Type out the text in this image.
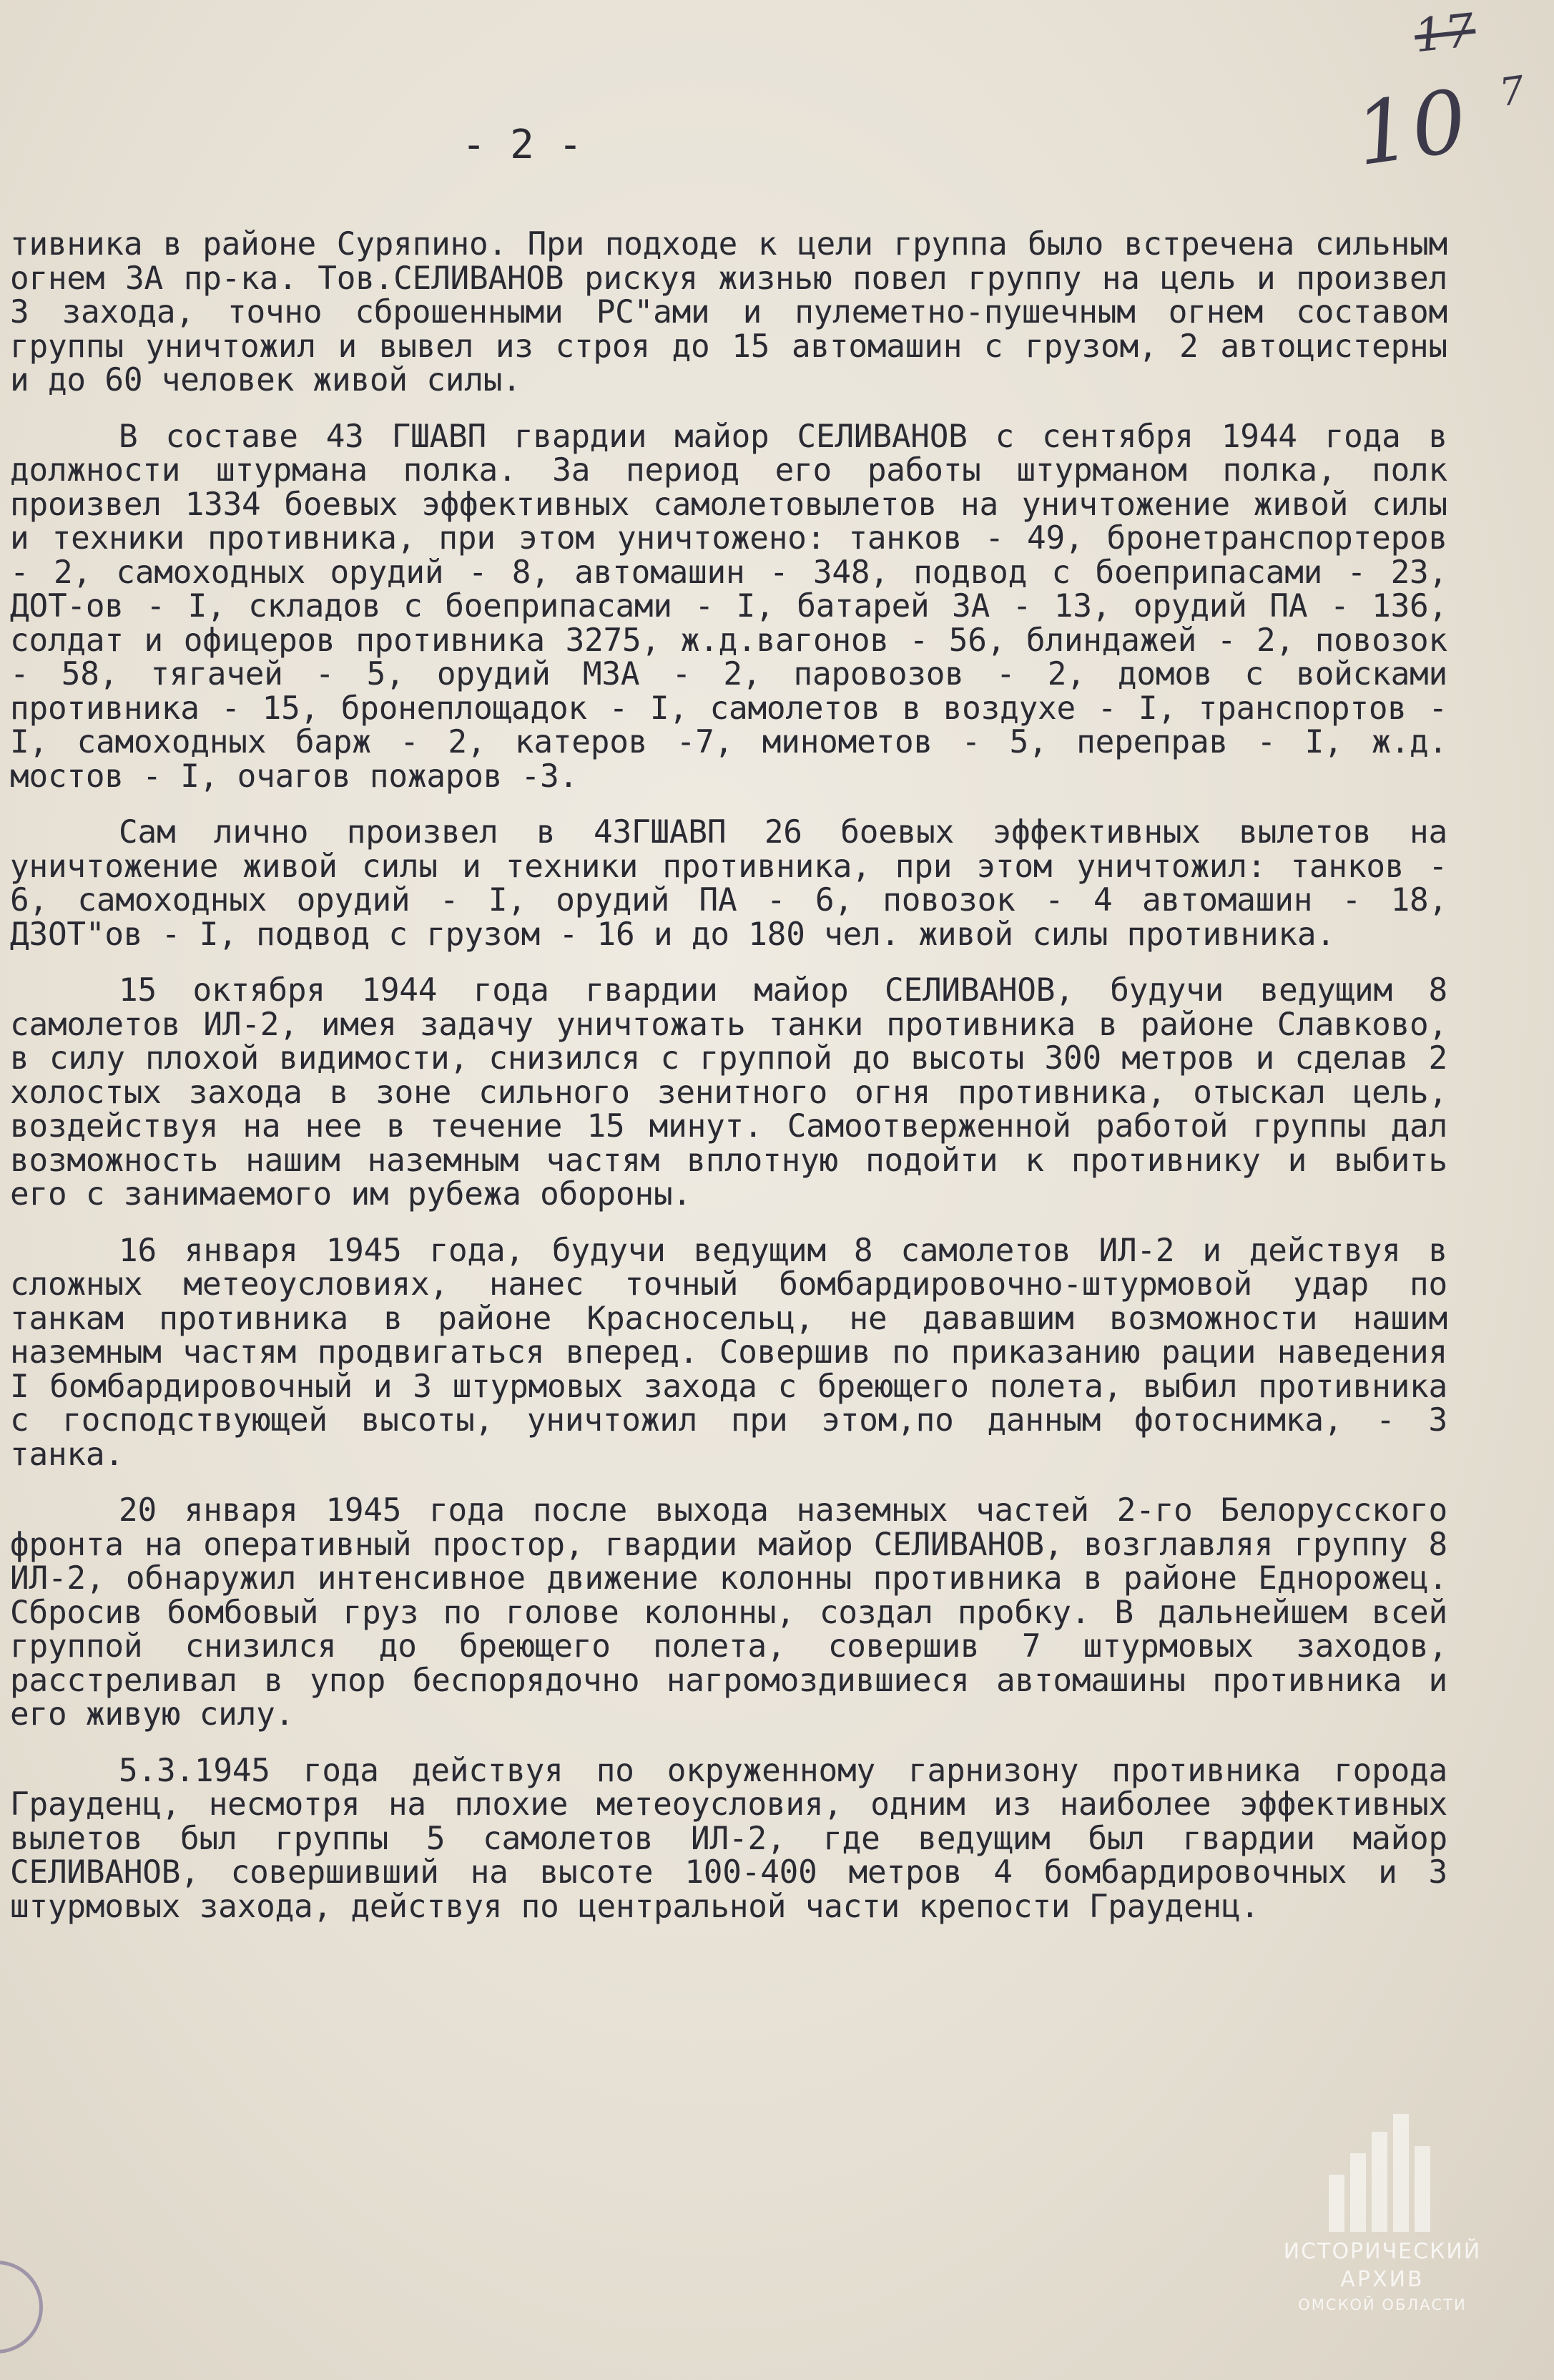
17
7
10
- 2 -

тивника в районе Суряпино. При подходе к цели группа было встречена сильным огнем ЗА пр-ка. Тов.СЕЛИВАНОВ рискуя жизнью повел группу на цель и произвел 3 захода, точно сброшенными РС"ами и пулеметно-пушечным огнем составом группы уничтожил и вывел из строя до 15 автомашин с грузом, 2 автоцистерны и до 60 человек живой силы.

В составе 43 ГШАВП гвардии майор СЕЛИВАНОВ с сентября 1944 года в должности штурмана полка. За период его работы штурманом полка, полк произвел 1334 боевых эффективных самолетовылетов на уничтожение живой силы и техники противника, при этом уничтожено: танков - 49, бронетранспортеров - 2, самоходных орудий - 8, автомашин - 348, подвод с боеприпасами - 23, ДОТ-ов - I, складов с боеприпасами - I, батарей ЗА - 13, орудий ПА - 136, солдат и офицеров противника 3275, ж.д.вагонов - 56, блиндажей - 2, повозок - 58, тягачей - 5, орудий МЗА - 2, паровозов - 2, домов с войсками противника - 15, бронеплощадок - I, самолетов в воздухе - I, транспортов - I, самоходных барж - 2, катеров -7, минометов - 5, переправ - I, ж.д. мостов - I, очагов пожаров -3.

Сам лично произвел в 43ГШАВП 26 боевых эффективных вылетов на уничтожение живой силы и техники противника, при этом уничтожил: танков - 6, самоходных орудий - I, орудий ПА - 6, повозок - 4 автомашин - 18, ДЗОТ"ов - I, подвод с грузом - 16 и до 180 чел. живой силы противника.

15 октября 1944 года гвардии майор СЕЛИВАНОВ, будучи ведущим 8 самолетов ИЛ-2, имея задачу уничтожать танки противника в районе Славково, в силу плохой видимости, снизился с группой до высоты 300 метров и сделав 2 холостых захода в зоне сильного зенитного огня противника, отыскал цель, воздействуя на нее в течение 15 минут. Самоотверженной работой группы дал возможность нашим наземным частям вплотную подойти к противнику и выбить его с занимаемого им рубежа обороны.

16 января 1945 года, будучи ведущим 8 самолетов ИЛ-2 и действуя в сложных метеоусловиях, нанес точный бомбардировочно-штурмовой удар по танкам противника в районе Красносельц, не дававшим возможности нашим наземным частям продвигаться вперед. Совершив по приказанию рации наведения I бомбардировочный и 3 штурмовых захода с бреющего полета, выбил противника с господствующей высоты, уничтожил при этом,по данным фотоснимка, - 3 танка.

20 января 1945 года после выхода наземных частей 2-го Белорусского фронта на оперативный простор, гвардии майор СЕЛИВАНОВ, возглавляя группу 8 ИЛ-2, обнаружил интенсивное движение колонны противника в районе Еднорожец. Сбросив бомбовый груз по голове колонны, создал пробку. В дальнейшем всей группой снизился до бреющего полета, совершив 7 штурмовых заходов, расстреливал в упор беспорядочно нагромоздившиеся автомашины противника и его живую силу.

5.3.1945 года действуя по окруженному гарнизону противника города Грауденц, несмотря на плохие метеоусловия, одним из наиболее эффективных вылетов был группы 5 самолетов ИЛ-2, где ведущим был гвардии майор СЕЛИВАНОВ, совершивший на высоте 100-400 метров 4 бомбардировочных и 3 штурмовых захода, действуя по центральной части крепости Грауденц.

ИСТОРИЧЕСКИЙ
АРХИВ
ОМСКОЙ ОБЛАСТИ
